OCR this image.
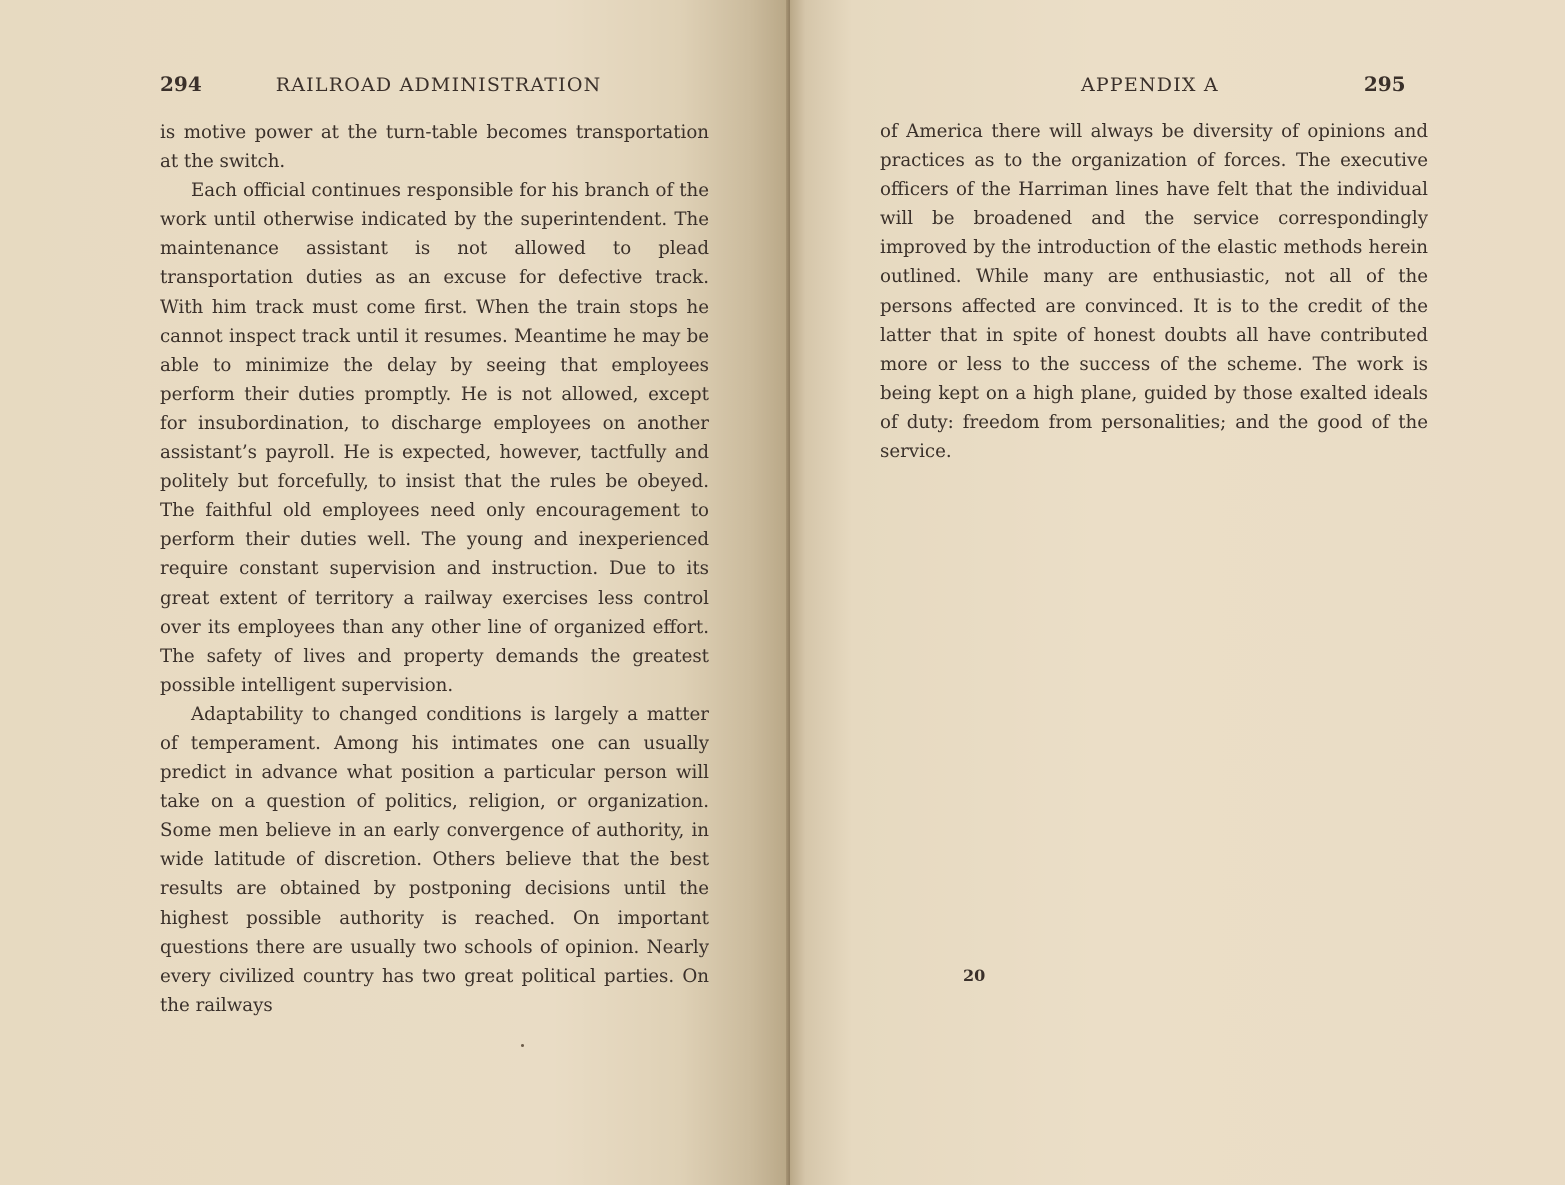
294	RAILROAD ADMINISTRATION

is motive power at the turn-table becomes transportation at the switch.

Each official continues responsible for his branch of the work until otherwise indicated by the superintendent. The maintenance assistant is not allowed to plead transportation duties as an excuse for defective track. With him track must come first. When the train stops he cannot inspect track until it resumes. Meantime he may be able to minimize the delay by seeing that employees perform their duties promptly. He is not allowed, except for insubordination, to discharge employees on another assistant’s payroll. He is expected, however, tactfully and politely but forcefully, to insist that the rules be obeyed. The faithful old employees need only encouragement to perform their duties well. The young and inexperienced require constant supervision and instruction. Due to its great extent of territory a railway exercises less control over its employees than any other line of organized effort. The safety of lives and property demands the greatest possible intelligent supervision.

Adaptability to changed conditions is largely a matter of temperament. Among his intimates one can usually predict in advance what position a particular person will take on a question of politics, religion, or organization. Some men believe in an early convergence of authority, in wide latitude of discretion. Others believe that the best results are obtained by postponing decisions until the highest possible authority is reached. On important questions there are usually two schools of opinion. Nearly every civilized country has two great political parties. On the railways

APPENDIX A	295

of America there will always be diversity of opinions and practices as to the organization of forces. The executive officers of the Harriman lines have felt that the individual will be broadened and the service correspondingly improved by the introduction of the elastic methods herein outlined. While many are enthusiastic, not all of the persons affected are convinced. It is to the credit of the latter that in spite of honest doubts all have contributed more or less to the success of the scheme. The work is being kept on a high plane, guided by those exalted ideals of duty: freedom from personalities; and the good of the service.

20
